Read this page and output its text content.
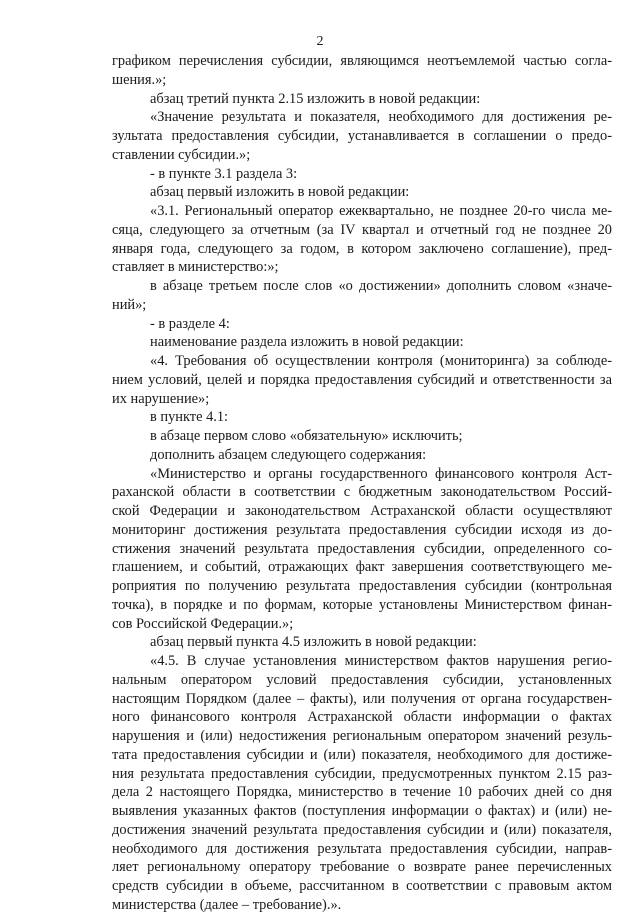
2
графиком перечисления субсидии, являющимся неотъемлемой частью согла-
шения.»;
абзац третий пункта 2.15 изложить в новой редакции:
«Значение результата и показателя, необходимого для достижения ре-
зультата предоставления субсидии, устанавливается в соглашении о предо-
ставлении субсидии.»;
- в пункте 3.1 раздела 3:
абзац первый изложить в новой редакции:
«3.1. Региональный оператор ежеквартально, не позднее 20-го числа ме-
сяца, следующего за отчетным (за IV квартал и отчетный год не позднее 20
января года, следующего за годом, в котором заключено соглашение), пред-
ставляет в министерство:»;
в абзаце третьем после слов «о достижении» дополнить словом «значе-
ний»;
- в разделе 4:
наименование раздела изложить в новой редакции:
«4. Требования об осуществлении контроля (мониторинга) за соблюде-
нием условий, целей и порядка предоставления субсидий и ответственности за
их нарушение»;
в пункте 4.1:
в абзаце первом слово «обязательную» исключить;
дополнить абзацем следующего содержания:
«Министерство и органы государственного финансового контроля Аст-
раханской области в соответствии с бюджетным законодательством Россий-
ской Федерации и законодательством Астраханской области осуществляют
мониторинг достижения результата предоставления субсидии исходя из до-
стижения значений результата предоставления субсидии, определенного со-
глашением, и событий, отражающих факт завершения соответствующего ме-
роприятия по получению результата предоставления субсидии (контрольная
точка), в порядке и по формам, которые установлены Министерством финан-
сов Российской Федерации.»;
абзац первый пункта 4.5 изложить в новой редакции:
«4.5. В случае установления министерством фактов нарушения регио-
нальным оператором условий предоставления субсидии, установленных
настоящим Порядком (далее – факты), или получения от органа государствен-
ного финансового контроля Астраханской области информации о фактах
нарушения и (или) недостижения региональным оператором значений резуль-
тата предоставления субсидии и (или) показателя, необходимого для достиже-
ния результата предоставления субсидии, предусмотренных пунктом 2.15 раз-
дела 2 настоящего Порядка, министерство в течение 10 рабочих дней со дня
выявления указанных фактов (поступления информации о фактах) и (или) не-
достижения значений результата предоставления субсидии и (или) показателя,
необходимого для достижения результата предоставления субсидии, направ-
ляет региональному оператору требование о возврате ранее перечисленных
средств субсидии в объеме, рассчитанном в соответствии с правовым актом
министерства (далее – требование).».
